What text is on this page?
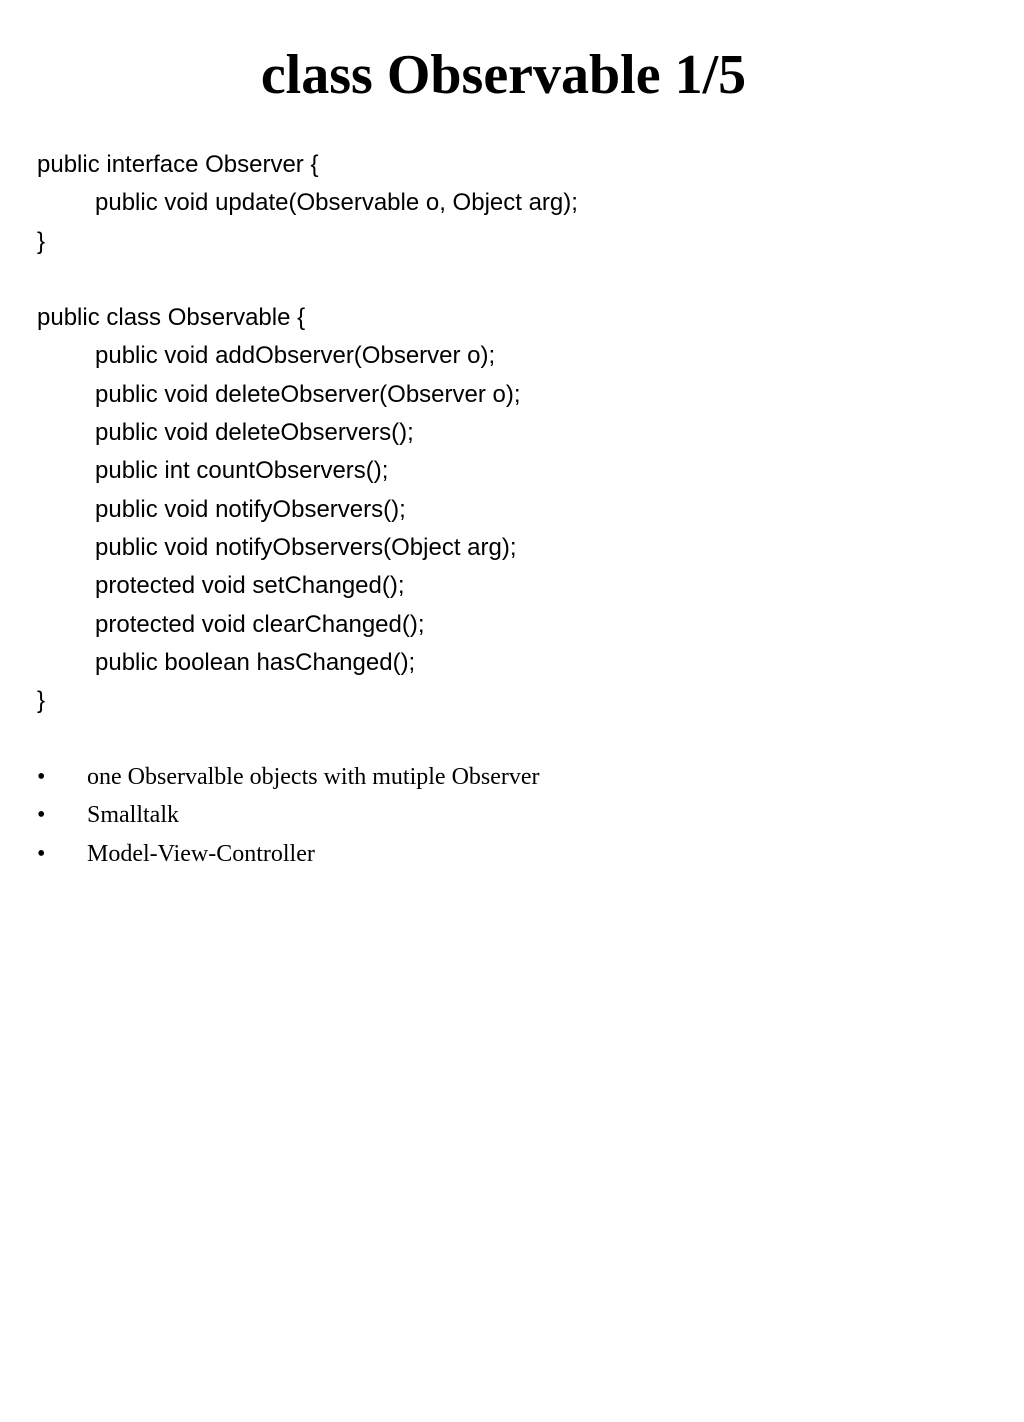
class Observable 1/5
public interface Observer {
public void update(Observable o, Object arg);
}
public class Observable {
public void addObserver(Observer o);
public void deleteObserver(Observer o);
public void deleteObservers();
public int countObservers();
public void notifyObservers();
public void notifyObservers(Object arg);
protected void setChanged();
protected void clearChanged();
public boolean hasChanged();
}
•	one Observalble objects with mutiple Observer
•	Smalltalk
•	Model-View-Controller
